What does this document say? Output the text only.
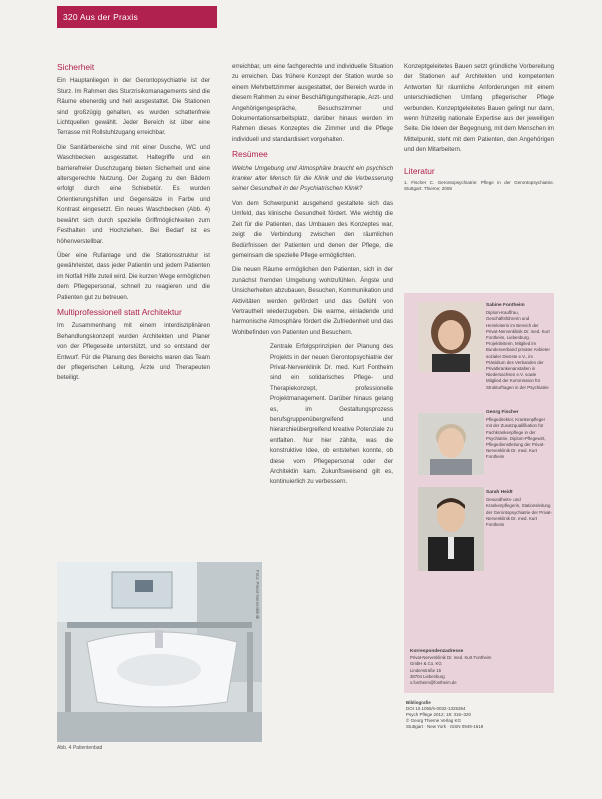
320 Aus der Praxis

Sicherheit

Ein Hauptanliegen in der Gerontopsychiatrie ist der Sturz. Im Rahmen des Sturzrisikomanagements sind die Räume ebenerdig und hell ausgestattet. Die Stationen sind großzügig gehalten, es wurden schattenfreie Lichtquellen gewählt. Jeder Bereich ist über eine Terrasse mit Rollstuhlzugang erreichbar.

Die Sanitärbereiche sind mit einer Dusche, WC und Waschbecken ausgestattet. Haltegriffe und ein barrierefreier Duschzugang bieten Sicherheit und eine altersgerechte Nutzung. Der Zugang zu den Bädern erfolgt durch eine Schiebetür. Es wurden Orientierungshilfen und Gegensätze in Farbe und Kontrast eingesetzt. Ein neues Waschbecken (Abb. 4) bewährt sich durch spezielle Griffmöglichkeiten zum Festhalten und Hochziehen. Bei Bedarf ist es höhenverstellbar.

Über eine Rufanlage und die Stationsstruktur ist gewährleistet, dass jeder Patientin und jedem Patienten im Notfall Hilfe zuteil wird. Die kurzen Wege ermöglichen dem Pflegepersonal, schnell zu reagieren und die Patienten gut zu betreuen.

Multiprofessionell statt Architektur

Im Zusammenhang mit einem interdisziplinären Behandlungskonzept wurden Architekten und Planer von der Pflegeseite unterstützt, und so entstand der Entwurf. Für die Planung des Bereichs waren das Team der pflegerischen Leitung, Ärzte und Therapeuten beteiligt.

erreichbar, um eine fachgerechte und individuelle Situation zu erreichen. Das frühere Konzept der Station wurde so einem Mehrbettzimmer ausgestattet, der Bereich wurde in diesem Rahmen zu einer Beschäftigungstherapie, Arzt- und Angehörigengespräche, Besuchszimmer und Dokumentationsarbeitsplatz, darüber hinaus werden im Rahmen dieses Konzeptes die Zimmer und die Pflege individuell und standardisiert vorgehalten.

Resümee

Welche Umgebung und Atmosphäre braucht ein psychisch kranker alter Mensch für die Klinik und die Verbesserung seiner Gesundheit in der Psychiatrischen Klinik?

Von dem Schwerpunkt ausgehend gestaltete sich das Umfeld, das klinische Gesundheit fördert. Wie wichtig die Zeit für die Patienten, das Umbauen des Konzeptes war, zeigt die Verbindung zwischen den räumlichen Bedürfnissen der Patienten und denen der Pflege, die gemeinsam die spezielle Pflege ermöglichten.

Die neuen Räume ermöglichen den Patienten, sich in der zunächst fremden Umgebung wohlzufühlen. Ängste und Unsicherheiten abzubauen, Besuchen, Kommunikation und Aktivitäten werden gefördert und das Gefühl von Vertrautheit wiederzugeben. Die warme, einladende und harmonische Atmosphäre fördert die Zufriedenheit und das Wohlbefinden von Patienten und Besuchern.

Zentrale Erfolgsprinzipien der Planung des Projekts in der neuen Gerontopsychiatrie der Privat-Nervenklinik Dr. med. Kurt Fontheim sind ein solidarisches Pflege- und Therapiekonzept, professionelle Projektmanagement. Darüber hinaus gelang es, im Gestaltungsprozess berufsgruppenübergreifend und hierarchieübergreifend kreative Potenziale zu entfalten. Nur hier zählte, was die konstruktive Idee, ob entstehen konnte, ob diese vom Pflegepersonal oder der Architektin kam. Zukunftsweisend gilt es, kontinuierlich zu verbessern.

Konzeptgeleitetes Bauen setzt gründliche Vorbereitung der Stationen auf Architekten und kompetenten Antworten für räumliche Anforderungen mit einem unterschiedlichen Umfang pflegerischer Pflege verbunden. Konzeptgeleitetes Bauen gelingt nur dann, wenn frühzeitig nationale Expertise aus der jeweiligen Seite. Die Ideen der Begegnung, mit dem Menschen im Mittelpunkt, steht mit dem Patienten, den Angehörigen und den Mitarbeitern.

Literatur

1. Fischer C. Gerontopsychiatrie: Pflege in der Gerontopsychiatrie. Stuttgart: Thieme; 2008

Sabine Fontheim
Diplom-Kauffrau, Geschäftsführerin und Heimleiterin im Bereich der Privat-Nervenklinik Dr. med. Kurt Fontheim, Liebenburg. Projektleiterin, Mitglied im Bundesverband privater Anbieter sozialer Dienste e.V., im Präsidium des Verbandes der Privatkrankenanstalten in Niedersachsen e.V. sowie Mitglied der Kommission für Strukturfragen in der Psychiatrie
Georg Fischer
Pflegedirektor, Krankenpfleger mit der Zusatzqualifikation für Fachkrankenpflege in der Psychiatrie, Diplom-Pflegewirt, Pflegedienstleitung der Privat-Nervenklinik Dr. med. Kurt Fontheim
Sarah Heidt
Gesundheits- und Krankenpflegerin, Stationsleitung der Gerontopsychiatrie der Privat-Nervenklinik Dr. med. Kurt Fontheim
Korrespondenzadresse
Privat-Nervenklinik Dr. med. Kurt Fontheim
GmbH & Co. KG
Lindenstraße 15
38704 Liebenburg
s.fontheim@fontheim.de
Bibliografie
DOI 10.1055/s-0032-1325354
Psych Pflege 2012; 18: 316–320
© Georg Thieme Verlag KG
Stuttgart · New York · ISSN 0949-1619
Foto: Privat-Nervenklinik
Abb. 4 Patientenbad
